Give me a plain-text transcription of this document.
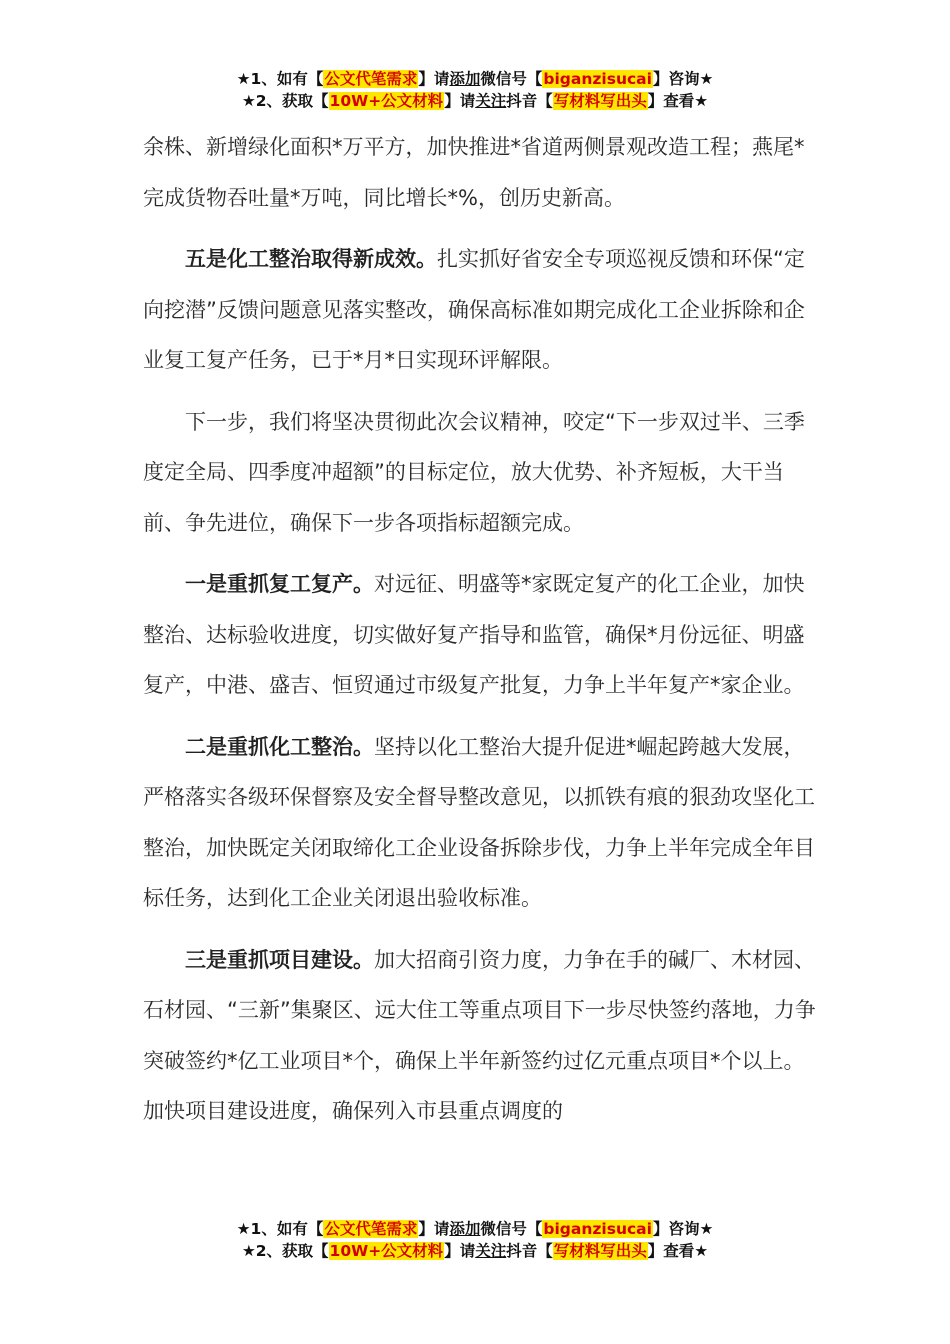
★1、如有【公文代笔需求】请添加微信号【biganzisucai】咨询★
★2、获取【10W+公文材料】请关注抖音【写材料写出头】查看★

余株、新增绿化面积*万平方，加快推进*省道两侧景观改造工程；燕尾*完成货物吞吐量*万吨，同比增长*%，创历史新高。

五是化工整治取得新成效。扎实抓好省安全专项巡视反馈和环保“定向挖潜”反馈问题意见落实整改，确保高标准如期完成化工企业拆除和企业复工复产任务，已于*月*日实现环评解限。

下一步，我们将坚决贯彻此次会议精神，咬定“下一步双过半、三季度定全局、四季度冲超额”的目标定位，放大优势、补齐短板，大干当前、争先进位，确保下一步各项指标超额完成。

一是重抓复工复产。对远征、明盛等*家既定复产的化工企业，加快整治、达标验收进度，切实做好复产指导和监管，确保*月份远征、明盛复产，中港、盛吉、恒贸通过市级复产批复，力争上半年复产*家企业。

二是重抓化工整治。坚持以化工整治大提升促进*崛起跨越大发展，严格落实各级环保督察及安全督导整改意见，以抓铁有痕的狠劲攻坚化工整治，加快既定关闭取缔化工企业设备拆除步伐，力争上半年完成全年目标任务，达到化工企业关闭退出验收标准。

三是重抓项目建设。加大招商引资力度，力争在手的碱厂、木材园、石材园、“三新”集聚区、远大住工等重点项目下一步尽快签约落地，力争突破签约*亿工业项目*个，确保上半年新签约过亿元重点项目*个以上。加快项目建设进度，确保列入市县重点调度的

★1、如有【公文代笔需求】请添加微信号【biganzisucai】咨询★
★2、获取【10W+公文材料】请关注抖音【写材料写出头】查看★
